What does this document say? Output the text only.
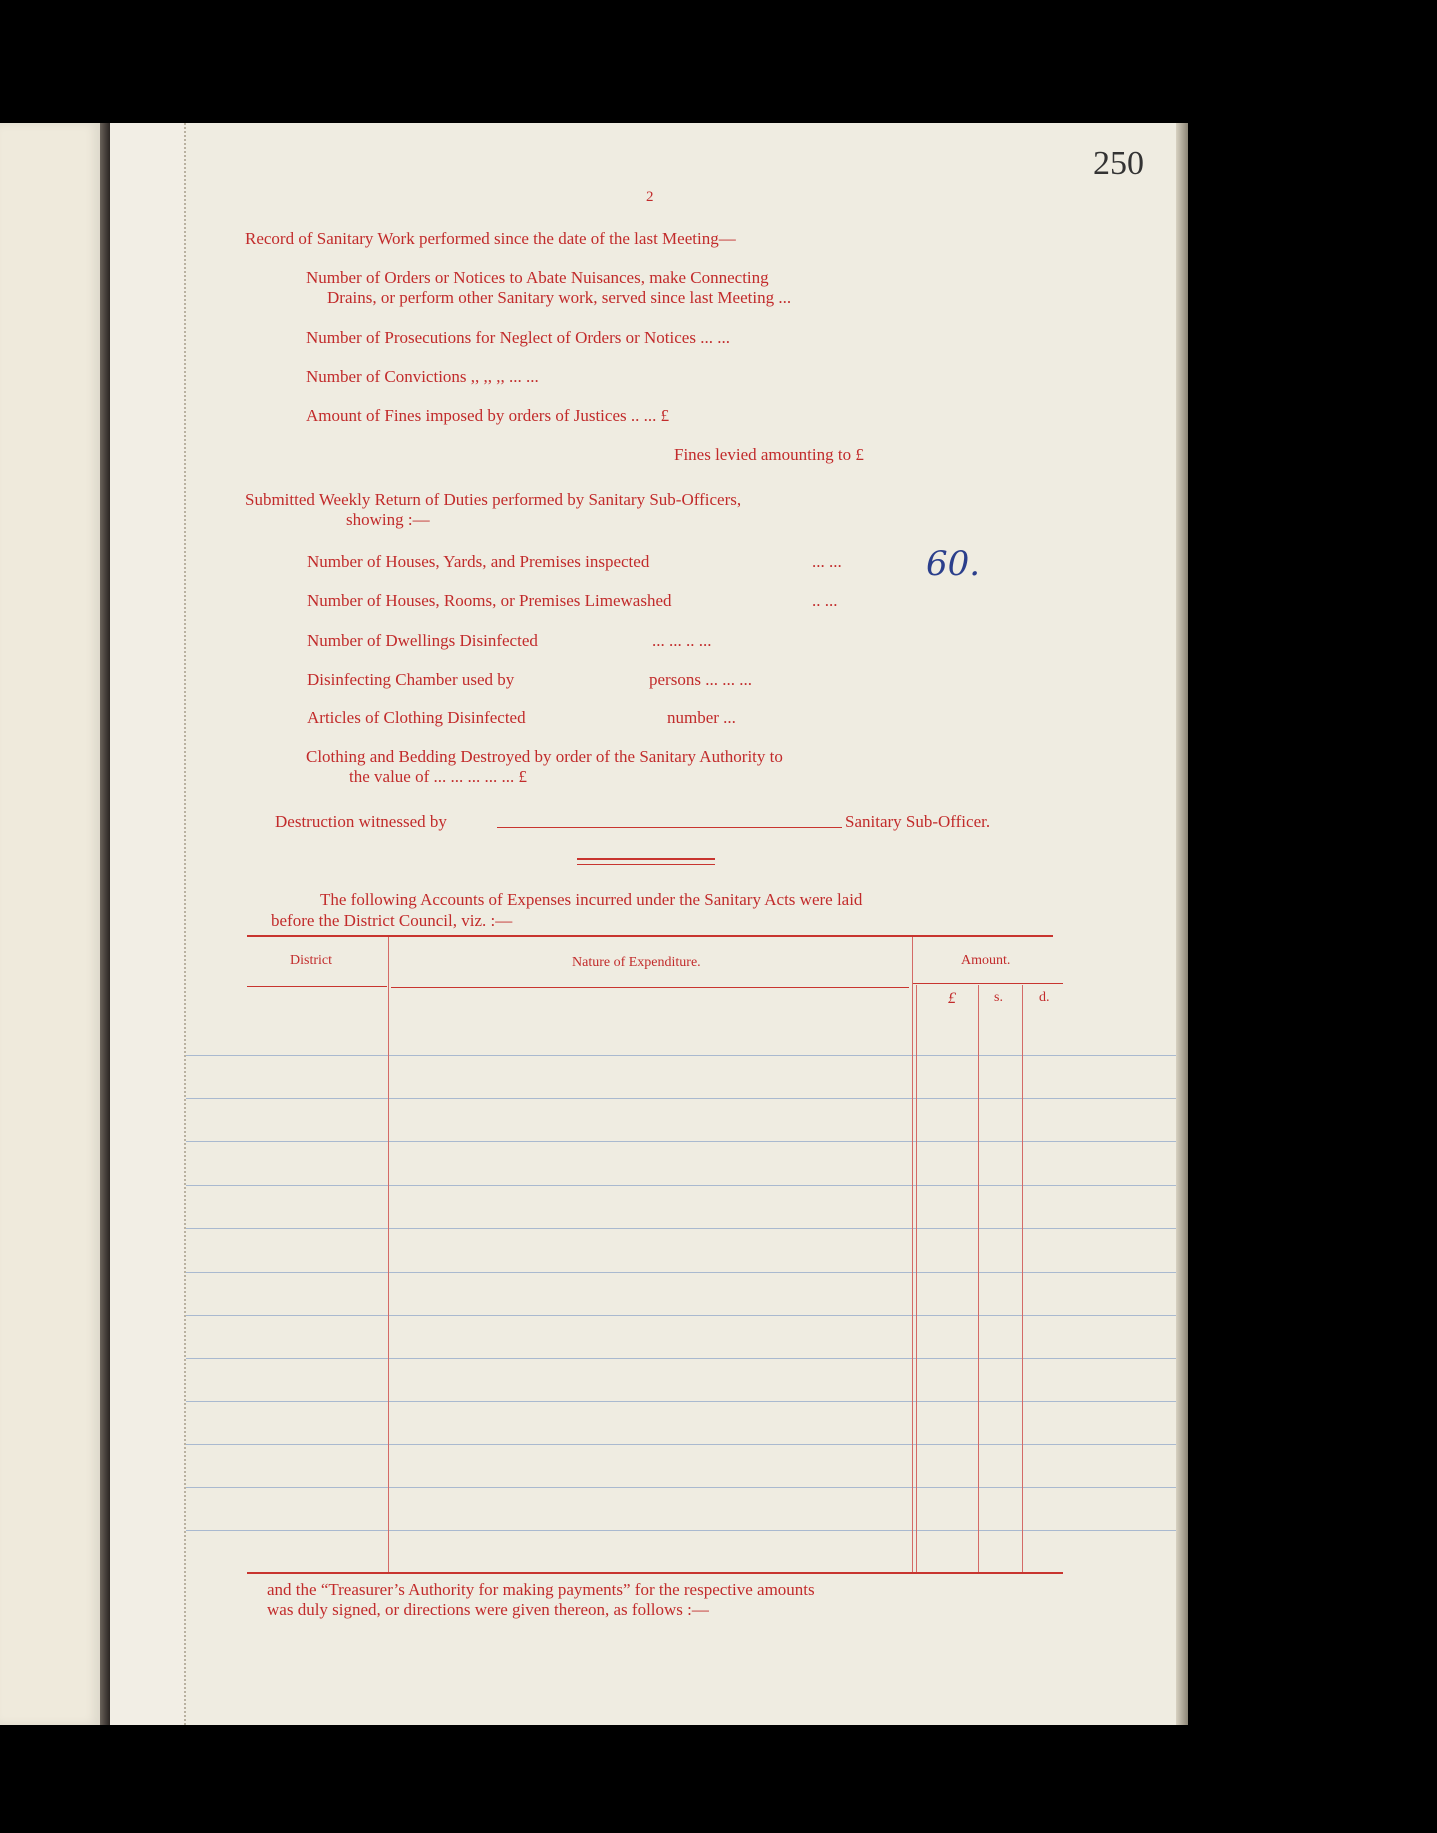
250
2
Record of Sanitary Work performed since the date of the last Meeting—
Number of Orders or Notices to Abate Nuisances, make Connecting
Drains, or perform other Sanitary work, served since last Meeting ...
Number of Prosecutions for Neglect of Orders or Notices ... ...
Number of Convictions ,, ,, ,, ... ...
Amount of Fines imposed by orders of Justices .. ... £
Fines levied amounting to £
Submitted Weekly Return of Duties performed by Sanitary Sub-Officers,
showing :—
Number of Houses, Yards, and Premises inspected	... ... 60.
Number of Houses, Rooms, or Premises Limewashed	.. ...
Number of Dwellings Disinfected	... ... .. ...
Disinfecting Chamber used by	persons ... ... ...
Articles of Clothing Disinfected	number ...
Clothing and Bedding Destroyed by order of the Sanitary Authority to
the value of ... ... ... ... ... £
Destruction witnessed by	Sanitary Sub-Officer.
The following Accounts of Expenses incurred under the Sanitary Acts were laid
before the District Council, viz. :—
District	Nature of Expenditure.	Amount.
£	s.	d.
and the “Treasurer’s Authority for making payments” for the respective amounts
was duly signed, or directions were given thereon, as follows :—
